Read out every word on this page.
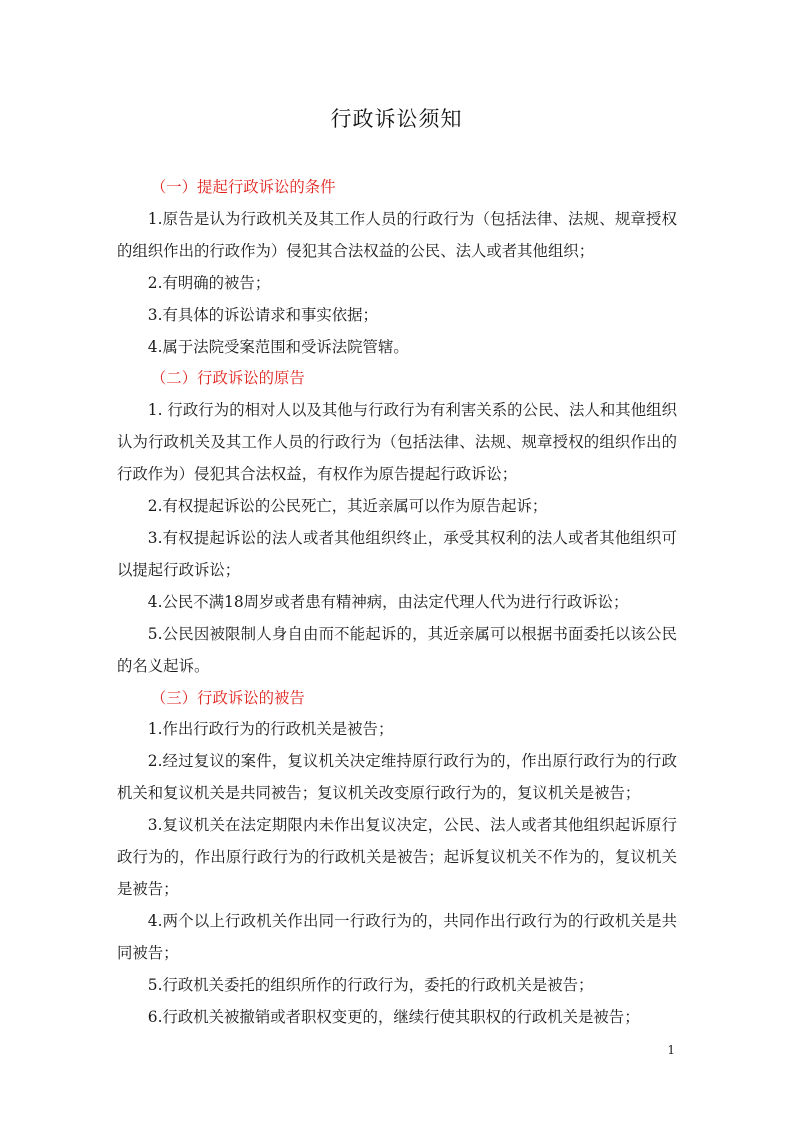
行政诉讼须知

（一）提起行政诉讼的条件

1.原告是认为行政机关及其工作人员的行政行为（包括法律、法规、规章授权的组织作出的行政作为）侵犯其合法权益的公民、法人或者其他组织；

2.有明确的被告；

3.有具体的诉讼请求和事实依据；

4.属于法院受案范围和受诉法院管辖。

（二）行政诉讼的原告

1. 行政行为的相对人以及其他与行政行为有利害关系的公民、法人和其他组织认为行政机关及其工作人员的行政行为（包括法律、法规、规章授权的组织作出的行政作为）侵犯其合法权益，有权作为原告提起行政诉讼；

2.有权提起诉讼的公民死亡，其近亲属可以作为原告起诉；

3.有权提起诉讼的法人或者其他组织终止，承受其权利的法人或者其他组织可以提起行政诉讼；

4.公民不满18周岁或者患有精神病，由法定代理人代为进行行政诉讼；

5.公民因被限制人身自由而不能起诉的，其近亲属可以根据书面委托以该公民的名义起诉。

（三）行政诉讼的被告

1.作出行政行为的行政机关是被告；

2.经过复议的案件，复议机关决定维持原行政行为的，作出原行政行为的行政机关和复议机关是共同被告；复议机关改变原行政行为的，复议机关是被告；

3.复议机关在法定期限内未作出复议决定，公民、法人或者其他组织起诉原行政行为的，作出原行政行为的行政机关是被告；起诉复议机关不作为的，复议机关是被告；

4.两个以上行政机关作出同一行政行为的，共同作出行政行为的行政机关是共同被告；

5.行政机关委托的组织所作的行政行为，委托的行政机关是被告；

6.行政机关被撤销或者职权变更的，继续行使其职权的行政机关是被告；

1
